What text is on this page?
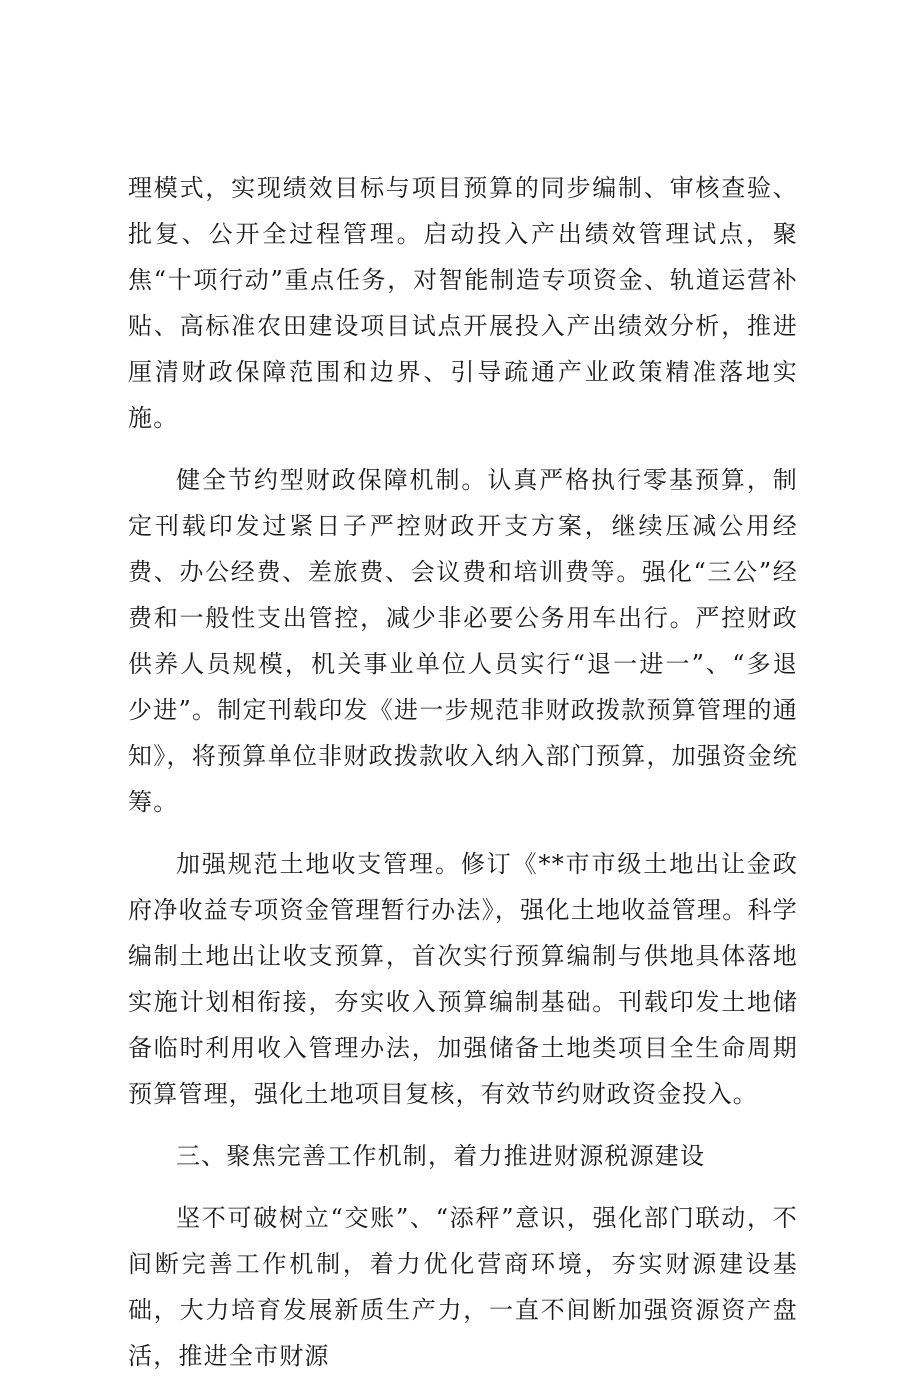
理模式，实现绩效目标与项目预算的同步编制、审核查验、批复、公开全过程管理。启动投入产出绩效管理试点，聚焦“十项行动”重点任务，对智能制造专项资金、轨道运营补贴、高标准农田建设项目试点开展投入产出绩效分析，推进厘清财政保障范围和边界、引导疏通产业政策精准落地实施。

健全节约型财政保障机制。认真严格执行零基预算，制定刊载印发过紧日子严控财政开支方案，继续压减公用经费、办公经费、差旅费、会议费和培训费等。强化“三公”经费和一般性支出管控，减少非必要公务用车出行。严控财政供养人员规模，机关事业单位人员实行“退一进一”、“多退少进”。制定刊载印发《进一步规范非财政拨款预算管理的通知》，将预算单位非财政拨款收入纳入部门预算，加强资金统筹。

加强规范土地收支管理。修订《**市市级土地出让金政府净收益专项资金管理暂行办法》，强化土地收益管理。科学编制土地出让收支预算，首次实行预算编制与供地具体落地实施计划相衔接，夯实收入预算编制基础。刊载印发土地储备临时利用收入管理办法，加强储备土地类项目全生命周期预算管理，强化土地项目复核，有效节约财政资金投入。

三、聚焦完善工作机制，着力推进财源税源建设

坚不可破树立“交账”、“添秤”意识，强化部门联动，不间断完善工作机制，着力优化营商环境，夯实财源建设基础，大力培育发展新质生产力，一直不间断加强资源资产盘活，推进全市财源
